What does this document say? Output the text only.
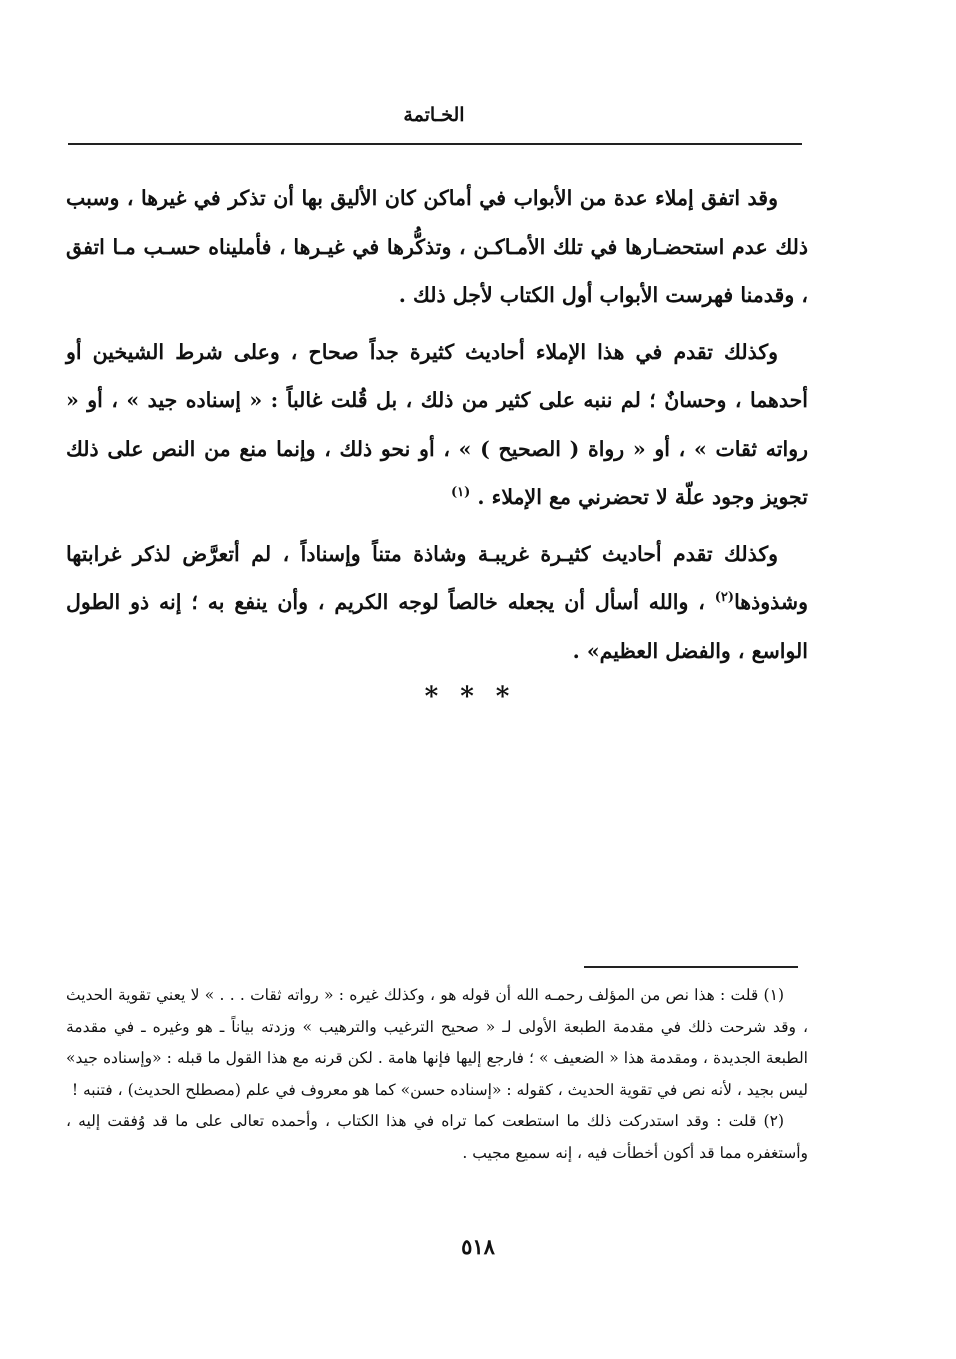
الخـاتمة

وقد اتفق إملاء عدة من الأبواب في أماكن كان الأليق بها أن تذكر في غيرها ، وسبب ذلك عدم استحضـارها في تلك الأمـاكـن ، وتذكُّرها في غيـرها ، فأمليناه حسـب مـا اتفق ، وقدمنا فهرست الأبواب أول الكتاب لأجل ذلك .

وكذلك تقدم في هذا الإملاء أحاديث كثيرة جداً صحاح ، وعلى شرط الشيخين أو أحدهما ، وحسانٌ ؛ لم ننبه على كثير من ذلك ، بل قُلت غالباً : « إسناده جيد » ، أو « رواته ثقات » ، أو « رواة ( الصحيح ) » ، أو نحو ذلك ، وإنما منع من النص على ذلك تجويز وجود علّة لا تحضرني مع الإملاء . $^{(١)}$

وكذلك تقدم أحاديث كثيـرة غريبـة وشاذة متناً وإسناداً ، لم أتعرَّض لذكر غرابتها وشذوذها$^{(٢)}$ ، والله أسأل أن يجعله خالصاً لوجه الكريم ، وأن ينفع به ؛ إنه ذو الطول الواسع ، والفضل العظيم» .

***

(١) قلت : هذا نص من المؤلف رحمـه الله أن قوله هو ، وكذلك غيره : « رواته ثقات . . . » لا يعني تقوية الحديث ، وقد شرحت ذلك في مقدمة الطبعة الأولى لـ « صحيح الترغيب والترهيب » وزدته بياناً ـ هو وغيره ـ في مقدمة الطبعة الجديدة ، ومقدمة هذا « الضعيف » ؛ فارجع إليها فإنها هامة . لكن قرنه مع هذا القول ما قبله : «وإسناده جيد» ليس بجيد ، لأنه نص في تقوية الحديث ، كقوله : «إسناده حسن» كما هو معروف في علم (مصطلح الحديث) ، فتنبه !

(٢) قلت : وقد استدركت ذلك ما استطعت كما تراه في هذا الكتاب ، وأحمده تعالى على ما قد وُفقت إليه ، وأستغفره مما قد أكون أخطأت فيه ، إنه سميع مجيب .

٥١٨
